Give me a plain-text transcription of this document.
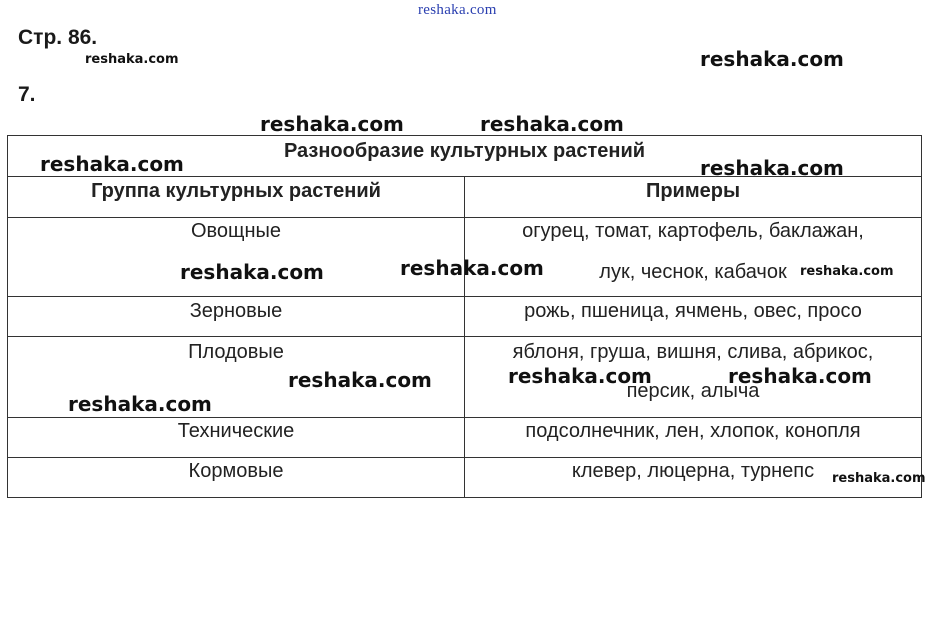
reshaka.com
reshaka.com	reshaka.com
Стр. 86.
7.
Разнообразие культурных растений
Группа культурных растений	Примеры
Овощные	огурец, томат, картофель, баклажан,
лук, чеснок, кабачок
Зерновые	рожь, пшеница, ячмень, овес, просо
Плодовые	яблоня, груша, вишня, слива, абрикос,
персик, алыча
Технические	подсолнечник, лен, хлопок, конопля
Кормовые	клевер, люцерна, турнепс
reshaka.com	reshaka.com
reshaka.com	reshaka.com
reshaka.com	reshaka.com	reshaka.com
reshaka.com	reshaka.com	reshaka.com
reshaka.com
reshaka.com
